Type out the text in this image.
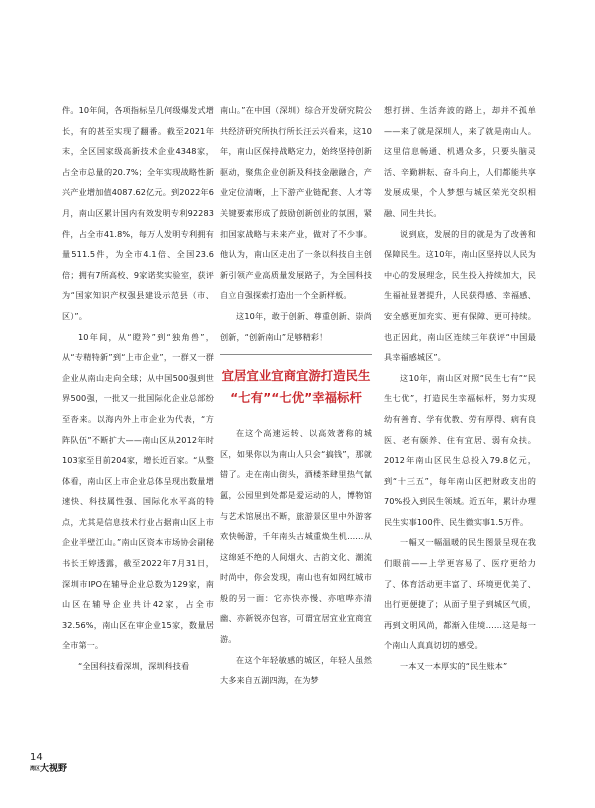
件。10年间，各项指标呈几何级爆发式增长，有的甚至实现了翻番。截至2021年末，全区国家级高新技术企业4348家，占全市总量的20.7%；全年实现战略性新兴产业增加值4087.62亿元。到2022年6月，南山区累计国内有效发明专利92283件，占全市41.8%，每万人发明专利拥有量511.5件，为全市4.1倍、全国23.6倍；拥有7所高校、9家诺奖实验室，获评为“国家知识产权强县建设示范县（市、区）”。

10年间，从“瞪羚”到“独角兽”，从“专精特新”到“上市企业”，一群又一群企业从南山走向全球；从中国500强到世界500强，一批又一批国际化企业总部纷至沓来。以海内外上市企业为代表，“方阵队伍”不断扩大——南山区从2012年时103家至目前204家，增长近百家。“从整体看，南山区上市企业总体呈现出数量增速快、科技属性强、国际化水平高的特点，尤其是信息技术行业占据南山区上市企业半壁江山。”南山区资本市场协会副秘书长王婷透露，截至2022年7月31日，深圳市IPO在辅导企业总数为129家，南山区在辅导企业共计42家，占全市32.56%，南山区在审企业15家，数量居全市第一。

“全国科技看深圳，深圳科技看

南山。”在中国（深圳）综合开发研究院公共经济研究所执行所长汪云兴看来，这10年，南山区保持战略定力，始终坚持创新驱动，聚焦企业创新及科技金融融合，产业定位清晰，上下游产业链配套、人才等关键要素形成了鼓励创新创业的氛围，紧扣国家战略与未来产业，做对了不少事。他认为，南山区走出了一条以科技自主创新引领产业高质量发展路子，为全国科技自立自强探索打造出一个全新样板。

这10年，敢于创新、尊重创新、崇尚创新，“创新南山”足够精彩！

宜居宜业宜商宜游打造民生
“七有”“七优”幸福标杆

在这个高速运转、以高效著称的城区，如果你以为南山人只会“搞钱”，那就错了。走在南山街头，酒楼茶肆里热气氤氲，公园里到处都是爱运动的人，博物馆与艺术馆展出不断，旅游景区里中外游客欢快畅游，千年南头古城重焕生机……从这绵延不绝的人间烟火、古韵文化、潮流时尚中，你会发现，南山也有如网红城市般的另一面：它亦快亦慢、亦喧哗亦清幽、亦新锐亦包容，可谓宜居宜业宜商宜游。

在这个年轻敏感的城区，年轻人虽然大多来自五湖四海，在为梦

想打拼、生活奔波的路上，却并不孤单——来了就是深圳人，来了就是南山人。这里信息畅通、机遇众多，只要头脑灵活、辛勤耕耘、奋斗向上，人们都能共享发展成果，个人梦想与城区荣光交织相融、同生共长。

说到底，发展的目的就是为了改善和保障民生。这10年，南山区坚持以人民为中心的发展理念，民生投入持续加大，民生福祉显著提升，人民获得感、幸福感、安全感更加充实、更有保障、更可持续。也正因此，南山区连续三年获评“中国最具幸福感城区”。

这10年，南山区对照“民生七有”“民生七优”，打造民生幸福标杆，努力实现幼有善育、学有优教、劳有厚得、病有良医、老有颐养、住有宜居、弱有众扶。2012年南山区民生总投入79.8亿元，到“十三五”，每年南山区把财政支出的70%投入到民生领域。近五年，累计办理民生实事100件、民生微实事1.5万件。

一幅又一幅温暖的民生图景呈现在我们眼前——上学更容易了、医疗更给力了、体育活动更丰富了、环境更优美了、出行更便捷了；从面子里子到城区气质，再到文明风尚，都渐入佳境……这是每一个南山人真真切切的感受。

一本又一本厚实的“民生账本”

14
$^{湾区}$大视野
